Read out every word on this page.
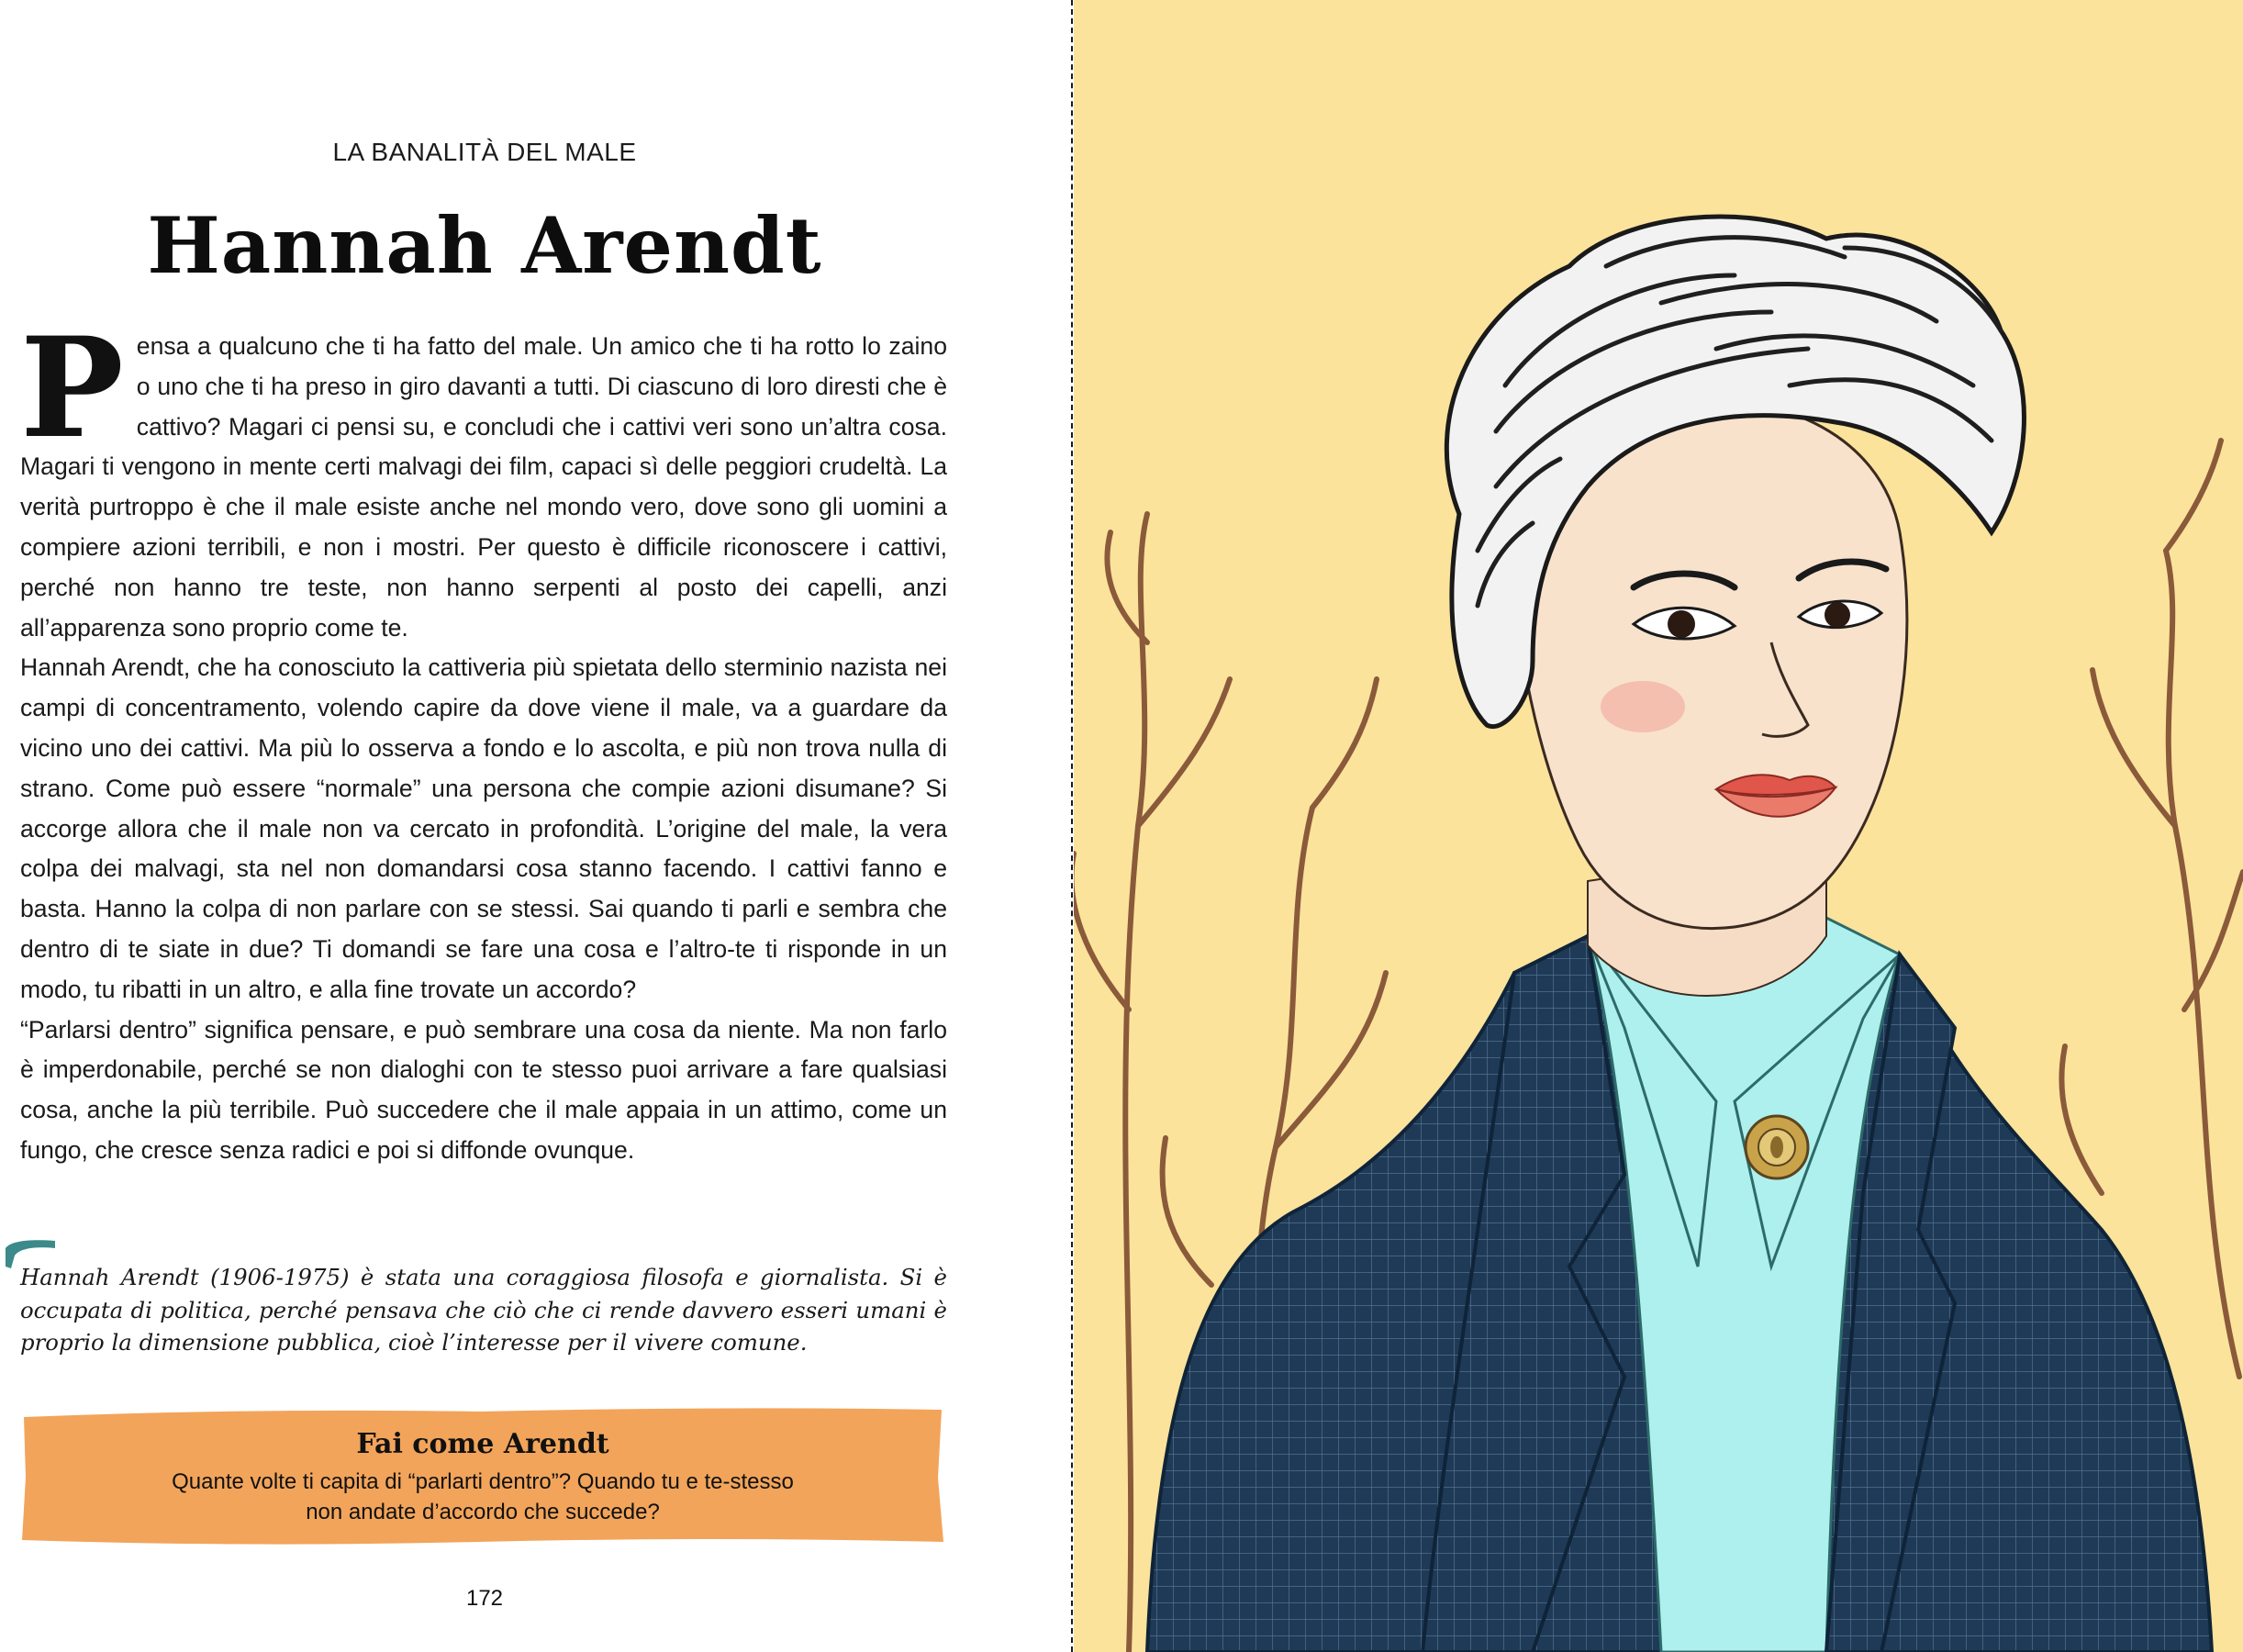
LA BANALITÀ DEL MALE
Hannah Arendt

Pensa a qualcuno che ti ha fatto del male. Un amico che ti ha rotto lo zaino o uno che ti ha preso in giro davanti a tutti. Di ciascuno di loro diresti che è cattivo? Magari ci pensi su, e concludi che i cattivi veri sono un’altra cosa. Magari ti vengono in mente certi malvagi dei film, capaci sì delle peggiori crudeltà. La verità purtroppo è che il male esiste anche nel mondo vero, dove sono gli uomini a compiere azioni terribili, e non i mostri. Per questo è difficile riconoscere i cattivi, perché non hanno tre teste, non hanno serpenti al posto dei capelli, anzi all’apparenza sono proprio come te.

Hannah Arendt, che ha conosciuto la cattiveria più spietata dello sterminio nazista nei campi di concentramento, volendo capire da dove viene il male, va a guardare da vicino uno dei cattivi. Ma più lo osserva a fondo e lo ascolta, e più non trova nulla di strano. Come può essere “normale” una persona che compie azioni disumane? Si accorge allora che il male non va cercato in profondità. L’origine del male, la vera colpa dei malvagi, sta nel non domandarsi cosa stanno facendo. I cattivi fanno e basta. Hanno la colpa di non parlare con se stessi. Sai quando ti parli e sembra che dentro di te siate in due? Ti domandi se fare una cosa e l’altro-te ti risponde in un modo, tu ribatti in un altro, e alla fine trovate un accordo?

“Parlarsi dentro” significa pensare, e può sembrare una cosa da niente. Ma non farlo è imperdonabile, perché se non dialoghi con te stesso puoi arrivare a fare qualsiasi cosa, anche la più terribile. Può succedere che il male appaia in un attimo, come un fungo, che cresce senza radici e poi si diffonde ovunque.

Hannah Arendt (1906-1975) è stata una coraggiosa filosofa e giornalista. Si è occupata di politica, perché pensava che ciò che ci rende davvero esseri umani è proprio la dimensione pubblica, cioè l’interesse per il vivere comune.
Fai come Arendt
Quante volte ti capita di “parlarti dentro”? Quando tu e te-stesso
non andate d’accordo che succede?
172
